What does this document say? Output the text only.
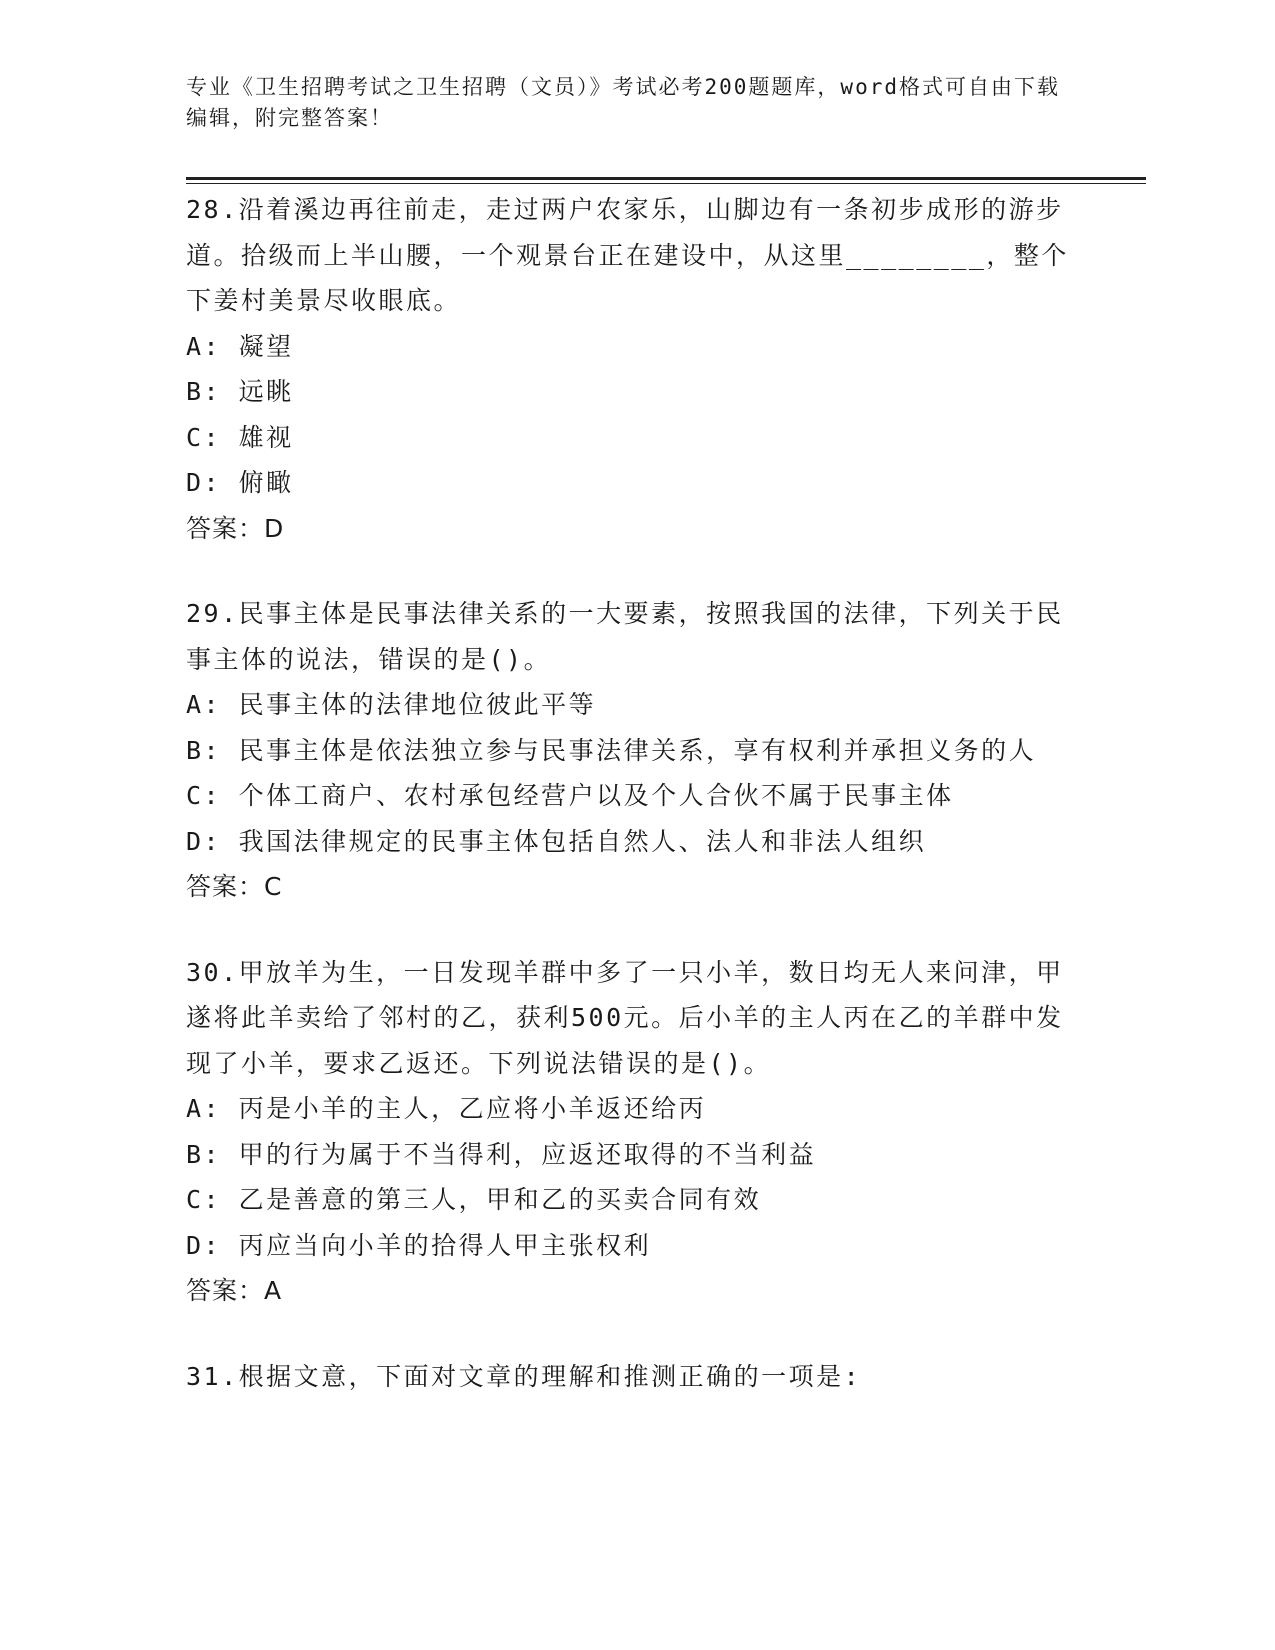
专业《卫生招聘考试之卫生招聘（文员）》考试必考200题题库，word格式可自由下载编辑，附完整答案！

28.沿着溪边再往前走，走过两户农家乐，山脚边有一条初步成形的游步道。拾级而上半山腰，一个观景台正在建设中，从这里________，整个下姜村美景尽收眼底。

A: 凝望

B: 远眺

C: 雄视

D: 俯瞰

答案：D

29.民事主体是民事法律关系的一大要素，按照我国的法律，下列关于民事主体的说法，错误的是()。

A: 民事主体的法律地位彼此平等

B: 民事主体是依法独立参与民事法律关系，享有权利并承担义务的人

C: 个体工商户、农村承包经营户以及个人合伙不属于民事主体

D: 我国法律规定的民事主体包括自然人、法人和非法人组织

答案：C

30.甲放羊为生，一日发现羊群中多了一只小羊，数日均无人来问津，甲遂将此羊卖给了邻村的乙，获利500元。后小羊的主人丙在乙的羊群中发现了小羊，要求乙返还。下列说法错误的是()。

A: 丙是小羊的主人，乙应将小羊返还给丙

B: 甲的行为属于不当得利，应返还取得的不当利益

C: 乙是善意的第三人，甲和乙的买卖合同有效

D: 丙应当向小羊的拾得人甲主张权利

答案：A

31.根据文意，下面对文章的理解和推测正确的一项是:
